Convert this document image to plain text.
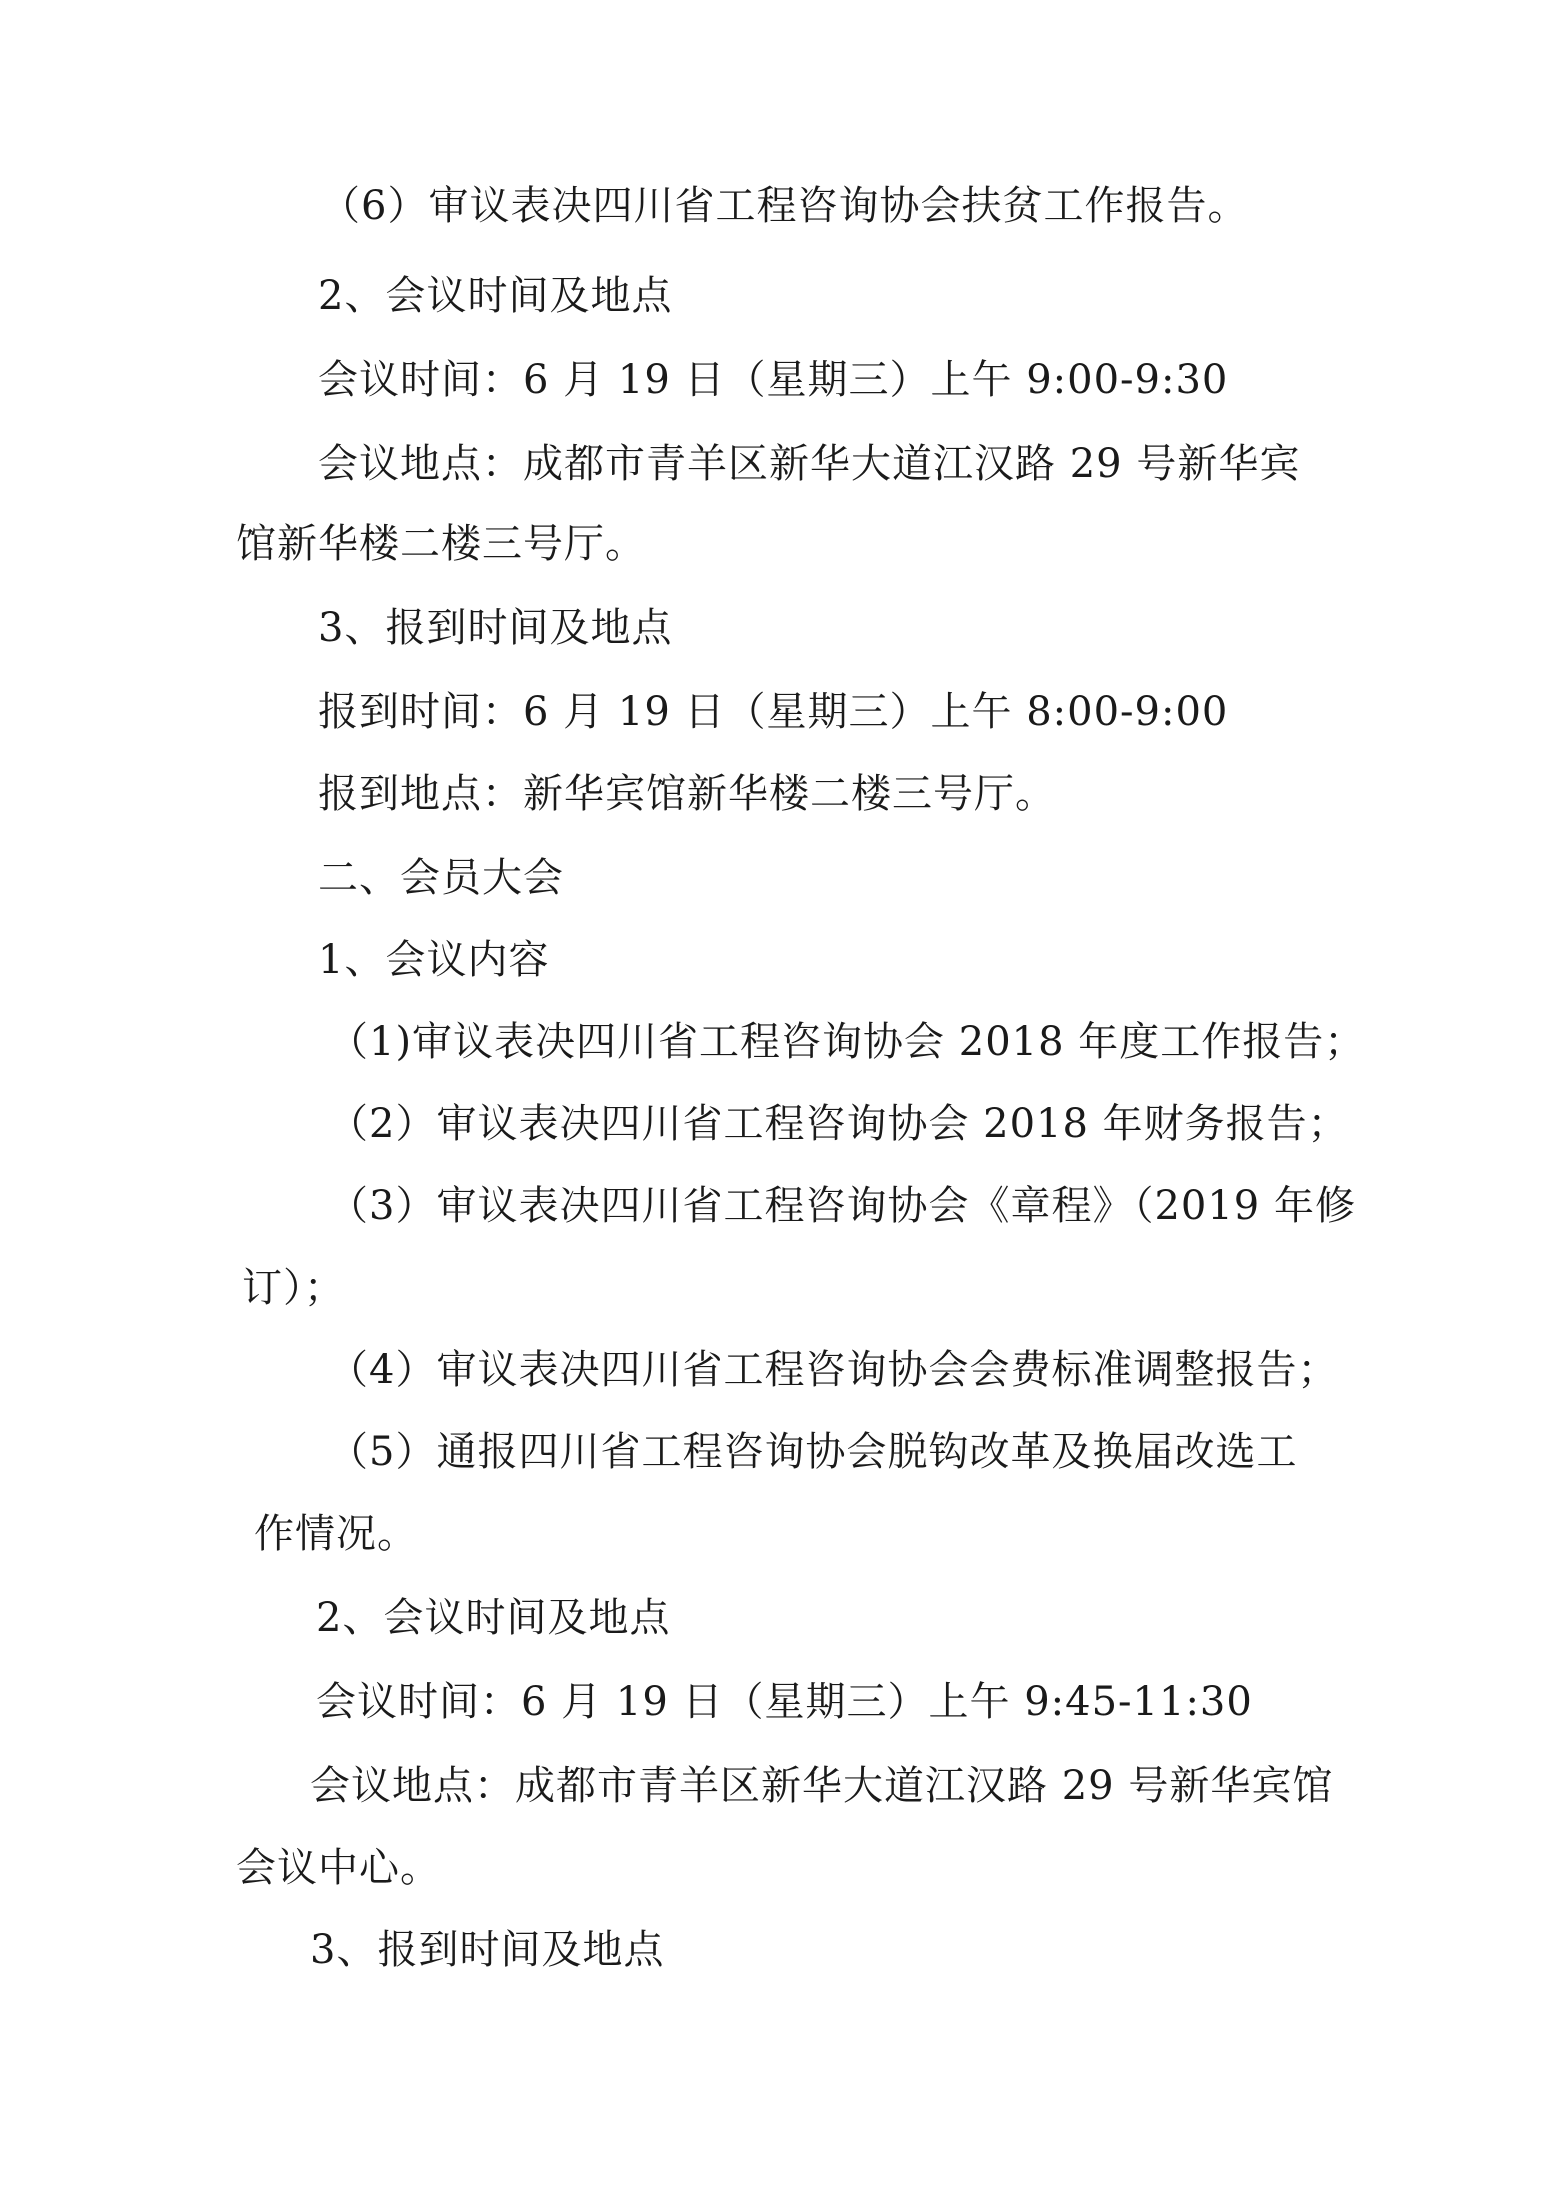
（6）审议表决四川省工程咨询协会扶贫工作报告。
2、会议时间及地点
会议时间：6 月 19 日（星期三）上午 9:00-9:30
会议地点：成都市青羊区新华大道江汉路 29 号新华宾
馆新华楼二楼三号厅。
3、报到时间及地点
报到时间：6 月 19 日（星期三）上午 8:00-9:00
报到地点：新华宾馆新华楼二楼三号厅。
二、会员大会
1、会议内容
（1)审议表决四川省工程咨询协会 2018 年度工作报告；
（2）审议表决四川省工程咨询协会 2018 年财务报告；
（3）审议表决四川省工程咨询协会《章程》（2019 年修
订）；
（4）审议表决四川省工程咨询协会会费标准调整报告；
（5）通报四川省工程咨询协会脱钩改革及换届改选工
作情况。
2、会议时间及地点
会议时间：6 月 19 日（星期三）上午 9:45-11:30
会议地点：成都市青羊区新华大道江汉路 29 号新华宾馆
会议中心。
3、报到时间及地点
